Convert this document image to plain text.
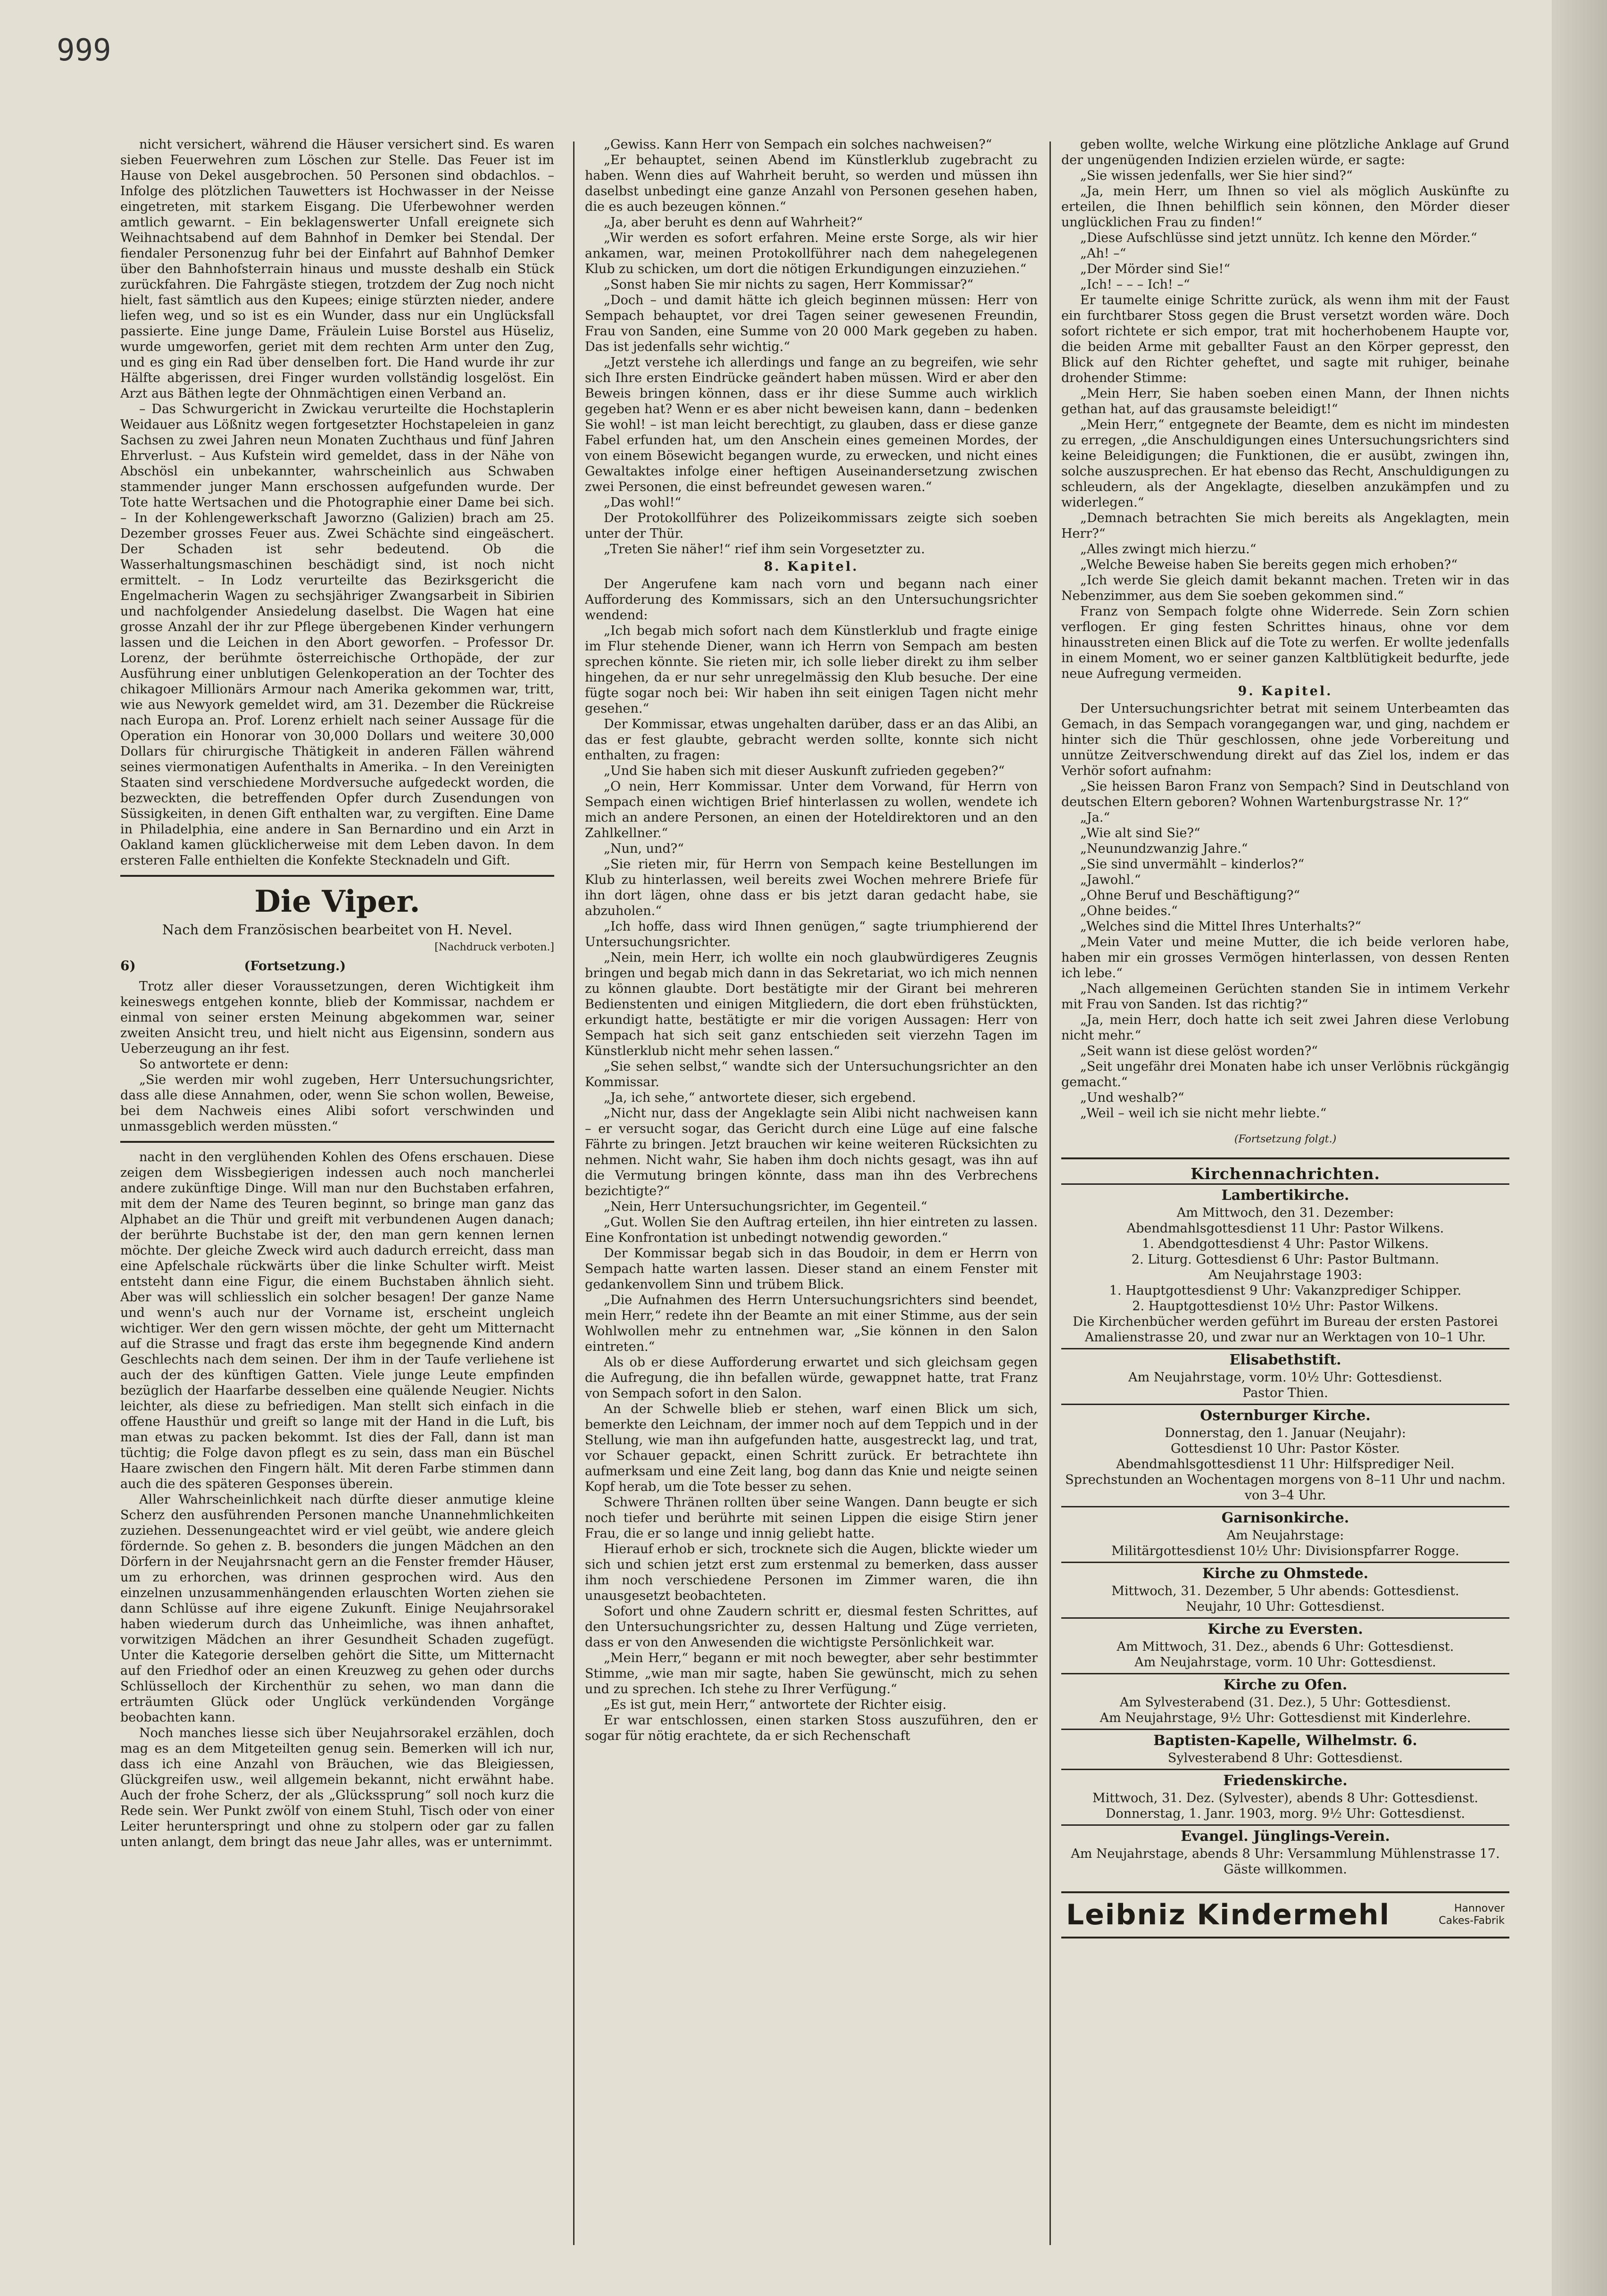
999

nicht versichert, während die Häuser versichert sind. Es waren sieben Feuerwehren zum Löschen zur Stelle. Das Feuer ist im Hause von Dekel ausgebrochen. 50 Personen sind obdachlos. – Infolge des plötzlichen Tauwetters ist Hochwasser in der Neisse eingetreten, mit starkem Eisgang. Die Uferbewohner werden amtlich gewarnt. – Ein beklagenswerter Unfall ereignete sich Weihnachtsabend auf dem Bahnhof in Demker bei Stendal. Der fiendaler Personenzug fuhr bei der Einfahrt auf Bahnhof Demker über den Bahnhofsterrain hinaus und musste deshalb ein Stück zurückfahren. Die Fahrgäste stiegen, trotzdem der Zug noch nicht hielt, fast sämtlich aus den Kupees; einige stürzten nieder, andere liefen weg, und so ist es ein Wunder, dass nur ein Unglücksfall passierte. Eine junge Dame, Fräulein Luise Borstel aus Hüseliz, wurde umgeworfen, geriet mit dem rechten Arm unter den Zug, und es ging ein Rad über denselben fort. Die Hand wurde ihr zur Hälfte abgerissen, drei Finger wurden vollständig losgelöst. Ein Arzt aus Bäthen legte der Ohnmächtigen einen Verband an.

– Das Schwurgericht in Zwickau verurteilte die Hochstaplerin Weidauer aus Lößnitz wegen fortgesetzter Hochstapeleien in ganz Sachsen zu zwei Jahren neun Monaten Zuchthaus und fünf Jahren Ehrverlust. – Aus Kufstein wird gemeldet, dass in der Nähe von Abschösl ein unbekannter, wahrscheinlich aus Schwaben stammender junger Mann erschossen aufgefunden wurde. Der Tote hatte Wertsachen und die Photographie einer Dame bei sich. – In der Kohlengewerkschaft Jaworzno (Galizien) brach am 25. Dezember grosses Feuer aus. Zwei Schächte sind eingeäschert. Der Schaden ist sehr bedeutend. Ob die Wasserhaltungsmaschinen beschädigt sind, ist noch nicht ermittelt. – In Lodz verurteilte das Bezirksgericht die Engelmacherin Wagen zu sechsjähriger Zwangsarbeit in Sibirien und nachfolgender Ansiedelung daselbst. Die Wagen hat eine grosse Anzahl der ihr zur Pflege übergebenen Kinder verhungern lassen und die Leichen in den Abort geworfen. – Professor Dr. Lorenz, der berühmte österreichische Orthopäde, der zur Ausführung einer unblutigen Gelenkoperation an der Tochter des chikagoer Millionärs Armour nach Amerika gekommen war, tritt, wie aus Newyork gemeldet wird, am 31. Dezember die Rückreise nach Europa an. Prof. Lorenz erhielt nach seiner Aussage für die Operation ein Honorar von 30,000 Dollars und weitere 30,000 Dollars für chirurgische Thätigkeit in anderen Fällen während seines viermonatigen Aufenthalts in Amerika. – In den Vereinigten Staaten sind verschiedene Mordversuche aufgedeckt worden, die bezweckten, die betreffenden Opfer durch Zusendungen von Süssigkeiten, in denen Gift enthalten war, zu vergiften. Eine Dame in Philadelphia, eine andere in San Bernardino und ein Arzt in Oakland kamen glücklicherweise mit dem Leben davon. In dem ersteren Falle enthielten die Konfekte Stecknadeln und Gift.

Die Viper.

Nach dem Französischen bearbeitet von H. Nevel.

[Nachdruck verboten.]

6)	(Fortsetzung.)

Trotz aller dieser Voraussetzungen, deren Wichtigkeit ihm keineswegs entgehen konnte, blieb der Kommissar, nachdem er einmal von seiner ersten Meinung abgekommen war, seiner zweiten Ansicht treu, und hielt nicht aus Eigensinn, sondern aus Ueberzeugung an ihr fest.

So antwortete er denn:

„Sie werden mir wohl zugeben, Herr Untersuchungsrichter, dass alle diese Annahmen, oder, wenn Sie schon wollen, Beweise, bei dem Nachweis eines Alibi sofort verschwinden und unmassgeblich werden müssten.“

nacht in den verglühenden Kohlen des Ofens erschauen. Diese zeigen dem Wissbegierigen indessen auch noch mancherlei andere zukünftige Dinge. Will man nur den Buchstaben erfahren, mit dem der Name des Teuren beginnt, so bringe man ganz das Alphabet an die Thür und greift mit verbundenen Augen danach; der berührte Buchstabe ist der, den man gern kennen lernen möchte. Der gleiche Zweck wird auch dadurch erreicht, dass man eine Apfelschale rückwärts über die linke Schulter wirft. Meist entsteht dann eine Figur, die einem Buchstaben ähnlich sieht. Aber was will schliesslich ein solcher besagen! Der ganze Name und wenn's auch nur der Vorname ist, erscheint ungleich wichtiger. Wer den gern wissen möchte, der geht um Mitternacht auf die Strasse und fragt das erste ihm begegnende Kind andern Geschlechts nach dem seinen. Der ihm in der Taufe verliehene ist auch der des künftigen Gatten. Viele junge Leute empfinden bezüglich der Haarfarbe desselben eine quälende Neugier. Nichts leichter, als diese zu befriedigen. Man stellt sich einfach in die offene Hausthür und greift so lange mit der Hand in die Luft, bis man etwas zu packen bekommt. Ist dies der Fall, dann ist man tüchtig; die Folge davon pflegt es zu sein, dass man ein Büschel Haare zwischen den Fingern hält. Mit deren Farbe stimmen dann auch die des späteren Gesponses überein.

Aller Wahrscheinlichkeit nach dürfte dieser anmutige kleine Scherz den ausführenden Personen manche Unannehmlichkeiten zuziehen. Dessenungeachtet wird er viel geübt, wie andere gleich fördernde. So gehen z. B. besonders die jungen Mädchen an den Dörfern in der Neujahrsnacht gern an die Fenster fremder Häuser, um zu erhorchen, was drinnen gesprochen wird. Aus den einzelnen unzusammenhängenden erlauschten Worten ziehen sie dann Schlüsse auf ihre eigene Zukunft. Einige Neujahrsorakel haben wiederum durch das Unheimliche, was ihnen anhaftet, vorwitzigen Mädchen an ihrer Gesundheit Schaden zugefügt. Unter die Kategorie derselben gehört die Sitte, um Mitternacht auf den Friedhof oder an einen Kreuzweg zu gehen oder durchs Schlüsselloch der Kirchenthür zu sehen, wo man dann die erträumten Glück oder Unglück verkündenden Vorgänge beobachten kann.

Noch manches liesse sich über Neujahrsorakel erzählen, doch mag es an dem Mitgeteilten genug sein. Bemerken will ich nur, dass ich eine Anzahl von Bräuchen, wie das Bleigiessen, Glückgreifen usw., weil allgemein bekannt, nicht erwähnt habe. Auch der frohe Scherz, der als „Glückssprung“ soll noch kurz die Rede sein. Wer Punkt zwölf von einem Stuhl, Tisch oder von einer Leiter herunterspringt und ohne zu stolpern oder gar zu fallen unten anlangt, dem bringt das neue Jahr alles, was er unternimmt.

„Gewiss. Kann Herr von Sempach ein solches nachweisen?“

„Er behauptet, seinen Abend im Künstlerklub zugebracht zu haben. Wenn dies auf Wahrheit beruht, so werden und müssen ihn daselbst unbedingt eine ganze Anzahl von Personen gesehen haben, die es auch bezeugen können.“

„Ja, aber beruht es denn auf Wahrheit?“

„Wir werden es sofort erfahren. Meine erste Sorge, als wir hier ankamen, war, meinen Protokollführer nach dem nahegelegenen Klub zu schicken, um dort die nötigen Erkundigungen einzuziehen.“

„Sonst haben Sie mir nichts zu sagen, Herr Kommissar?“

„Doch – und damit hätte ich gleich beginnen müssen: Herr von Sempach behauptet, vor drei Tagen seiner gewesenen Freundin, Frau von Sanden, eine Summe von 20 000 Mark gegeben zu haben. Das ist jedenfalls sehr wichtig.“

„Jetzt verstehe ich allerdings und fange an zu begreifen, wie sehr sich Ihre ersten Eindrücke geändert haben müssen. Wird er aber den Beweis bringen können, dass er ihr diese Summe auch wirklich gegeben hat? Wenn er es aber nicht beweisen kann, dann – bedenken Sie wohl! – ist man leicht berechtigt, zu glauben, dass er diese ganze Fabel erfunden hat, um den Anschein eines gemeinen Mordes, der von einem Bösewicht begangen wurde, zu erwecken, und nicht eines Gewaltaktes infolge einer heftigen Auseinandersetzung zwischen zwei Personen, die einst befreundet gewesen waren.“

„Das wohl!“

Der Protokollführer des Polizeikommissars zeigte sich soeben unter der Thür.

„Treten Sie näher!“ rief ihm sein Vorgesetzter zu.

8. Kapitel.

Der Angerufene kam nach vorn und begann nach einer Aufforderung des Kommissars, sich an den Untersuchungsrichter wendend:

„Ich begab mich sofort nach dem Künstlerklub und fragte einige im Flur stehende Diener, wann ich Herrn von Sempach am besten sprechen könnte. Sie rieten mir, ich solle lieber direkt zu ihm selber hingehen, da er nur sehr unregelmässig den Klub besuche. Der eine fügte sogar noch bei: Wir haben ihn seit einigen Tagen nicht mehr gesehen.“

Der Kommissar, etwas ungehalten darüber, dass er an das Alibi, an das er fest glaubte, gebracht werden sollte, konnte sich nicht enthalten, zu fragen:

„Und Sie haben sich mit dieser Auskunft zufrieden gegeben?“

„O nein, Herr Kommissar. Unter dem Vorwand, für Herrn von Sempach einen wichtigen Brief hinterlassen zu wollen, wendete ich mich an andere Personen, an einen der Hoteldirektoren und an den Zahlkellner.“

„Nun, und?“

„Sie rieten mir, für Herrn von Sempach keine Bestellungen im Klub zu hinterlassen, weil bereits zwei Wochen mehrere Briefe für ihn dort lägen, ohne dass er bis jetzt daran gedacht habe, sie abzuholen.“

„Ich hoffe, dass wird Ihnen genügen,“ sagte triumphierend der Untersuchungsrichter.

„Nein, mein Herr, ich wollte ein noch glaubwürdigeres Zeugnis bringen und begab mich dann in das Sekretariat, wo ich mich nennen zu können glaubte. Dort bestätigte mir der Girant bei mehreren Bedienstenten und einigen Mitgliedern, die dort eben frühstückten, erkundigt hatte, bestätigte er mir die vorigen Aussagen: Herr von Sempach hat sich seit ganz entschieden seit vierzehn Tagen im Künstlerklub nicht mehr sehen lassen.“

„Sie sehen selbst,“ wandte sich der Untersuchungsrichter an den Kommissar.

„Ja, ich sehe,“ antwortete dieser, sich ergebend.

„Nicht nur, dass der Angeklagte sein Alibi nicht nachweisen kann – er versucht sogar, das Gericht durch eine Lüge auf eine falsche Fährte zu bringen. Jetzt brauchen wir keine weiteren Rücksichten zu nehmen. Nicht wahr, Sie haben ihm doch nichts gesagt, was ihn auf die Vermutung bringen könnte, dass man ihn des Verbrechens bezichtigte?“

„Nein, Herr Untersuchungsrichter, im Gegenteil.“

„Gut. Wollen Sie den Auftrag erteilen, ihn hier eintreten zu lassen. Eine Konfrontation ist unbedingt notwendig geworden.“

Der Kommissar begab sich in das Boudoir, in dem er Herrn von Sempach hatte warten lassen. Dieser stand an einem Fenster mit gedankenvollem Sinn und trübem Blick.

„Die Aufnahmen des Herrn Untersuchungsrichters sind beendet, mein Herr,“ redete ihn der Beamte an mit einer Stimme, aus der sein Wohlwollen mehr zu entnehmen war, „Sie können in den Salon eintreten.“

Als ob er diese Aufforderung erwartet und sich gleichsam gegen die Aufregung, die ihn befallen würde, gewappnet hatte, trat Franz von Sempach sofort in den Salon.

An der Schwelle blieb er stehen, warf einen Blick um sich, bemerkte den Leichnam, der immer noch auf dem Teppich und in der Stellung, wie man ihn aufgefunden hatte, ausgestreckt lag, und trat, vor Schauer gepackt, einen Schritt zurück. Er betrachtete ihn aufmerksam und eine Zeit lang, bog dann das Knie und neigte seinen Kopf herab, um die Tote besser zu sehen.

Schwere Thränen rollten über seine Wangen. Dann beugte er sich noch tiefer und berührte mit seinen Lippen die eisige Stirn jener Frau, die er so lange und innig geliebt hatte.

Hierauf erhob er sich, trocknete sich die Augen, blickte wieder um sich und schien jetzt erst zum erstenmal zu bemerken, dass ausser ihm noch verschiedene Personen im Zimmer waren, die ihn unausgesetzt beobachteten.

Sofort und ohne Zaudern schritt er, diesmal festen Schrittes, auf den Untersuchungsrichter zu, dessen Haltung und Züge verrieten, dass er von den Anwesenden die wichtigste Persönlichkeit war.

„Mein Herr,“ begann er mit noch bewegter, aber sehr bestimmter Stimme, „wie man mir sagte, haben Sie gewünscht, mich zu sehen und zu sprechen. Ich stehe zu Ihrer Verfügung.“

„Es ist gut, mein Herr,“ antwortete der Richter eisig.

Er war entschlossen, einen starken Stoss auszuführen, den er sogar für nötig erachtete, da er sich Rechenschaft

geben wollte, welche Wirkung eine plötzliche Anklage auf Grund der ungenügenden Indizien erzielen würde, er sagte:

„Sie wissen jedenfalls, wer Sie hier sind?“

„Ja, mein Herr, um Ihnen so viel als möglich Auskünfte zu erteilen, die Ihnen behilflich sein können, den Mörder dieser unglücklichen Frau zu finden!“

„Diese Aufschlüsse sind jetzt unnütz. Ich kenne den Mörder.“

„Ah! –“

„Der Mörder sind Sie!“

„Ich! – – – Ich! –“

Er taumelte einige Schritte zurück, als wenn ihm mit der Faust ein furchtbarer Stoss gegen die Brust versetzt worden wäre. Doch sofort richtete er sich empor, trat mit hocherhobenem Haupte vor, die beiden Arme mit geballter Faust an den Körper gepresst, den Blick auf den Richter geheftet, und sagte mit ruhiger, beinahe drohender Stimme:

„Mein Herr, Sie haben soeben einen Mann, der Ihnen nichts gethan hat, auf das grausamste beleidigt!“

„Mein Herr,“ entgegnete der Beamte, dem es nicht im mindesten zu erregen, „die Anschuldigungen eines Untersuchungsrichters sind keine Beleidigungen; die Funktionen, die er ausübt, zwingen ihn, solche auszusprechen. Er hat ebenso das Recht, Anschuldigungen zu schleudern, als der Angeklagte, dieselben anzukämpfen und zu widerlegen.“

„Demnach betrachten Sie mich bereits als Angeklagten, mein Herr?“

„Alles zwingt mich hierzu.“

„Welche Beweise haben Sie bereits gegen mich erhoben?“

„Ich werde Sie gleich damit bekannt machen. Treten wir in das Nebenzimmer, aus dem Sie soeben gekommen sind.“

Franz von Sempach folgte ohne Widerrede. Sein Zorn schien verflogen. Er ging festen Schrittes hinaus, ohne vor dem hinausstreten einen Blick auf die Tote zu werfen. Er wollte jedenfalls in einem Moment, wo er seiner ganzen Kaltblütigkeit bedurfte, jede neue Aufregung vermeiden.

9. Kapitel.

Der Untersuchungsrichter betrat mit seinem Unterbeamten das Gemach, in das Sempach vorangegangen war, und ging, nachdem er hinter sich die Thür geschlossen, ohne jede Vorbereitung und unnütze Zeitverschwendung direkt auf das Ziel los, indem er das Verhör sofort aufnahm:

„Sie heissen Baron Franz von Sempach? Sind in Deutschland von deutschen Eltern geboren? Wohnen Wartenburgstrasse Nr. 1?“

„Ja.“

„Wie alt sind Sie?“

„Neunundzwanzig Jahre.“

„Sie sind unvermählt – kinderlos?“

„Jawohl.“

„Ohne Beruf und Beschäftigung?“

„Ohne beides.“

„Welches sind die Mittel Ihres Unterhalts?“

„Mein Vater und meine Mutter, die ich beide verloren habe, haben mir ein grosses Vermögen hinterlassen, von dessen Renten ich lebe.“

„Nach allgemeinen Gerüchten standen Sie in intimem Verkehr mit Frau von Sanden. Ist das richtig?“

„Ja, mein Herr, doch hatte ich seit zwei Jahren diese Verlobung nicht mehr.“

„Seit wann ist diese gelöst worden?“

„Seit ungefähr drei Monaten habe ich unser Verlöbnis rückgängig gemacht.“

„Und weshalb?“

„Weil – weil ich sie nicht mehr liebte.“

(Fortsetzung folgt.)

Kirchennachrichten.
Lambertikirche.

Am Mittwoch, den 31. Dezember:

Abendmahlsgottesdienst 11 Uhr: Pastor Wilkens.

1. Abendgottesdienst 4 Uhr: Pastor Wilkens.

2. Liturg. Gottesdienst 6 Uhr: Pastor Bultmann.

Am Neujahrstage 1903:

1. Hauptgottesdienst 9 Uhr: Vakanzprediger Schipper.

2. Hauptgottesdienst 10½ Uhr: Pastor Wilkens.

Die Kirchenbücher werden geführt im Bureau der ersten Pastorei Amalienstrasse 20, und zwar nur an Werktagen von 10–1 Uhr.

Elisabethstift.

Am Neujahrstage, vorm. 10½ Uhr: Gottesdienst.

Pastor Thien.

Osternburger Kirche.

Donnerstag, den 1. Januar (Neujahr):

Gottesdienst 10 Uhr: Pastor Köster.

Abendmahlsgottesdienst 11 Uhr: Hilfsprediger Neil.

Sprechstunden an Wochentagen morgens von 8–11 Uhr und nachm. von 3–4 Uhr.

Garnisonkirche.

Am Neujahrstage:

Militärgottesdienst 10½ Uhr: Divisionspfarrer Rogge.

Kirche zu Ohmstede.

Mittwoch, 31. Dezember, 5 Uhr abends: Gottesdienst.

Neujahr, 10 Uhr: Gottesdienst.

Kirche zu Eversten.

Am Mittwoch, 31. Dez., abends 6 Uhr: Gottesdienst.

Am Neujahrstage, vorm. 10 Uhr: Gottesdienst.

Kirche zu Ofen.

Am Sylvesterabend (31. Dez.), 5 Uhr: Gottesdienst.

Am Neujahrstage, 9½ Uhr: Gottesdienst mit Kinderlehre.

Baptisten-Kapelle, Wilhelmstr. 6.

Sylvesterabend 8 Uhr: Gottesdienst.

Friedenskirche.

Mittwoch, 31. Dez. (Sylvester), abends 8 Uhr: Gottesdienst.

Donnerstag, 1. Janr. 1903, morg. 9½ Uhr: Gottesdienst.

Evangel. Jünglings-Verein.

Am Neujahrstage, abends 8 Uhr: Versammlung Mühlenstrasse 17. Gäste willkommen.

Leibniz Kindermehl	Hannover
Cakes-Fabrik
